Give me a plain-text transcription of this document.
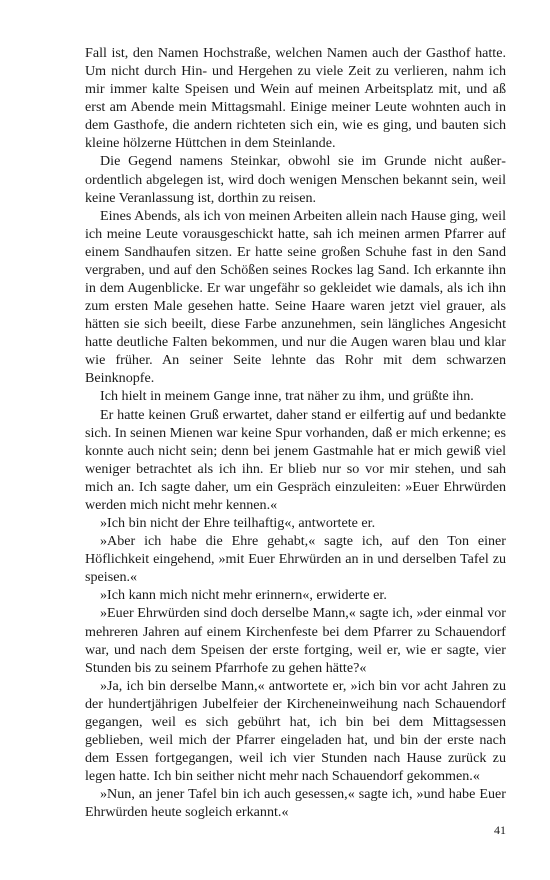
Fall ist, den Namen Hochstraße, welchen Namen auch der Gasthof hatte. Um nicht durch Hin- und Hergehen zu viele Zeit zu verlieren, nahm ich mir immer kalte Speisen und Wein auf meinen Arbeitsplatz mit, und aß erst am Abende mein Mittagsmahl. Einige meiner Leute wohnten auch in dem Gasthofe, die andern richteten sich ein, wie es ging, und bauten sich kleine hölzerne Hüttchen in dem Steinlande.

Die Gegend namens Steinkar, obwohl sie im Grunde nicht außerordentlich abgelegen ist, wird doch wenigen Menschen bekannt sein, weil keine Veranlassung ist, dorthin zu reisen.

Eines Abends, als ich von meinen Arbeiten allein nach Hause ging, weil ich meine Leute vorausgeschickt hatte, sah ich meinen armen Pfarrer auf einem Sandhaufen sitzen. Er hatte seine großen Schuhe fast in den Sand vergraben, und auf den Schößen seines Rockes lag Sand. Ich erkannte ihn in dem Augenblicke. Er war ungefähr so gekleidet wie damals, als ich ihn zum ersten Male gesehen hatte. Seine Haare waren jetzt viel grauer, als hätten sie sich beeilt, diese Farbe anzunehmen, sein längliches Angesicht hatte deutliche Falten bekommen, und nur die Augen waren blau und klar wie früher. An seiner Seite lehnte das Rohr mit dem schwarzen Beinknopfe.

Ich hielt in meinem Gange inne, trat näher zu ihm, und grüßte ihn.

Er hatte keinen Gruß erwartet, daher stand er eilfertig auf und bedankte sich. In seinen Mienen war keine Spur vorhanden, daß er mich erkenne; es konnte auch nicht sein; denn bei jenem Gastmahle hat er mich gewiß viel weniger betrachtet als ich ihn. Er blieb nur so vor mir stehen, und sah mich an. Ich sagte daher, um ein Gespräch einzuleiten: »Euer Ehrwürden werden mich nicht mehr kennen.«

»Ich bin nicht der Ehre teilhaftig«, antwortete er.

»Aber ich habe die Ehre gehabt,« sagte ich, auf den Ton einer Höflichkeit eingehend, »mit Euer Ehrwürden an in und derselben Tafel zu speisen.«

»Ich kann mich nicht mehr erinnern«, erwiderte er.

»Euer Ehrwürden sind doch derselbe Mann,« sagte ich, »der einmal vor mehreren Jahren auf einem Kirchenfeste bei dem Pfarrer zu Schauendorf war, und nach dem Speisen der erste fortging, weil er, wie er sagte, vier Stunden bis zu seinem Pfarrhofe zu gehen hätte?«

»Ja, ich bin derselbe Mann,« antwortete er, »ich bin vor acht Jahren zu der hundertjährigen Jubelfeier der Kircheneinweihung nach Schauendorf gegangen, weil es sich gebührt hat, ich bin bei dem Mittagsessen geblieben, weil mich der Pfarrer eingeladen hat, und bin der erste nach dem Essen fortgegangen, weil ich vier Stunden nach Hause zurück zu legen hatte. Ich bin seither nicht mehr nach Schauendorf gekommen.«

»Nun, an jener Tafel bin ich auch gesessen,« sagte ich, »und habe Euer Ehrwürden heute sogleich erkannt.«

41
